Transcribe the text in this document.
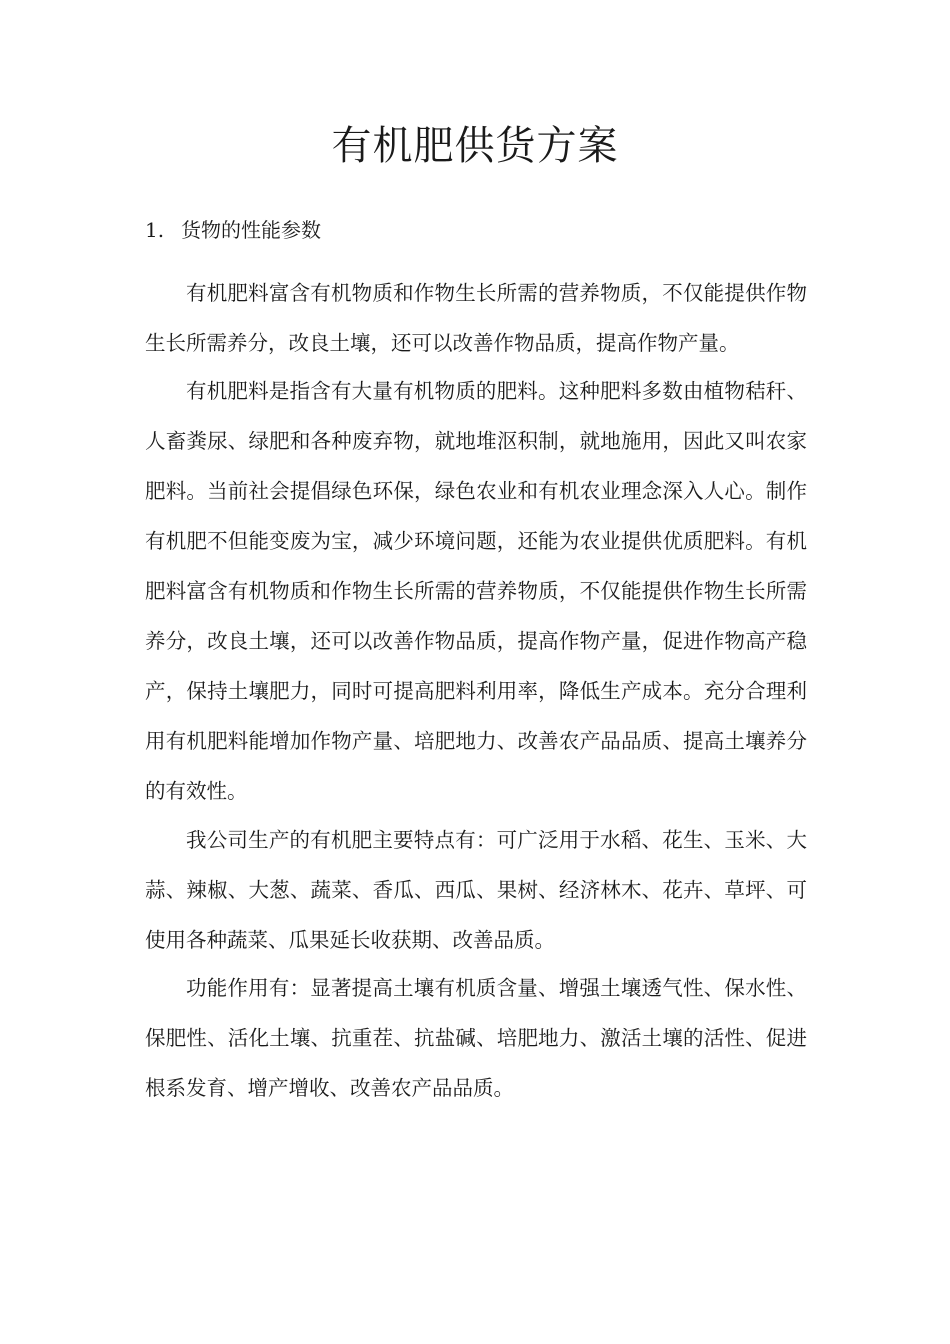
有机肥供货方案
1. 货物的性能参数

有机肥料富含有机物质和作物生长所需的营养物质，不仅能提供作物生长所需养分，改良土壤，还可以改善作物品质，提高作物产量。

有机肥料是指含有大量有机物质的肥料。这种肥料多数由植物秸秆、人畜粪尿、绿肥和各种废弃物，就地堆沤积制，就地施用，因此又叫农家肥料。当前社会提倡绿色环保，绿色农业和有机农业理念深入人心。制作有机肥不但能变废为宝，减少环境问题，还能为农业提供优质肥料。有机肥料富含有机物质和作物生长所需的营养物质，不仅能提供作物生长所需养分，改良土壤，还可以改善作物品质，提高作物产量，促进作物高产稳产，保持土壤肥力，同时可提高肥料利用率，降低生产成本。充分合理利用有机肥料能增加作物产量、培肥地力、改善农产品品质、提高土壤养分的有效性。

我公司生产的有机肥主要特点有：可广泛用于水稻、花生、玉米、大蒜、辣椒、大葱、蔬菜、香瓜、西瓜、果树、经济林木、花卉、草坪、可使用各种蔬菜、瓜果延长收获期、改善品质。

功能作用有：显著提高土壤有机质含量、增强土壤透气性、保水性、保肥性、活化土壤、抗重茬、抗盐碱、培肥地力、激活土壤的活性、促进根系发育、增产增收、改善农产品品质。
